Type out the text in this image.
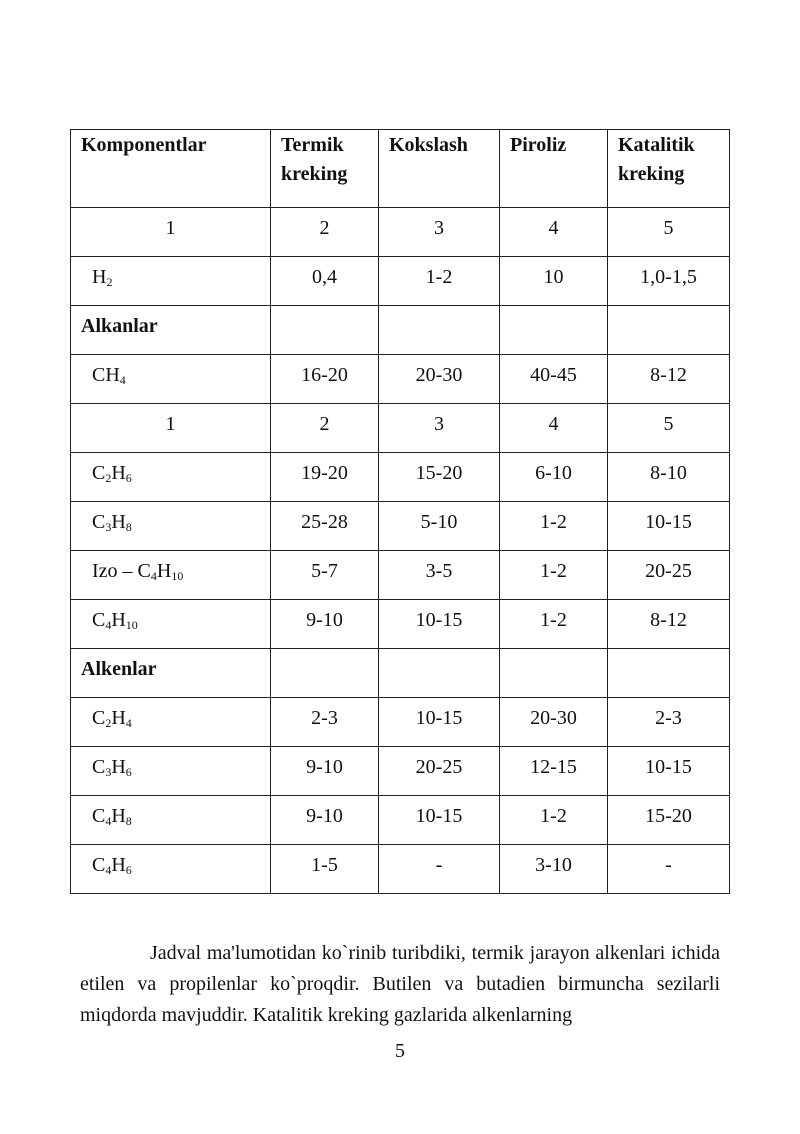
Komponentlar	Termik kreking	Kokslash	Piroliz	Katalitik kreking
1	2	3	4	5
$H_2$	0,4	1-2	10	1,0-1,5
Alkanlar				
$CH_4$	16-20	20-30	40-45	8-12
1	2	3	4	5
$C_2H_6$	19-20	15-20	6-10	8-10
$C_3H_8$	25-28	5-10	1-2	10-15
Izo – $C_4H_{10}$	5-7	3-5	1-2	20-25
$C_4H_{10}$	9-10	10-15	1-2	8-12
Alkenlar				
$C_2H_4$	2-3	10-15	20-30	2-3
$C_3H_6$	9-10	20-25	12-15	10-15
$C_4H_8$	9-10	10-15	1-2	15-20
$C_4H_6$	1-5	-	3-10	-

Jadval ma'lumotidan ko`rinib turibdiki, termik jarayon alkenlari ichida etilen va propilenlar ko`proqdir. Butilen va butadien birmuncha sezilarli miqdorda mavjuddir. Katalitik kreking gazlarida alkenlarning

5
